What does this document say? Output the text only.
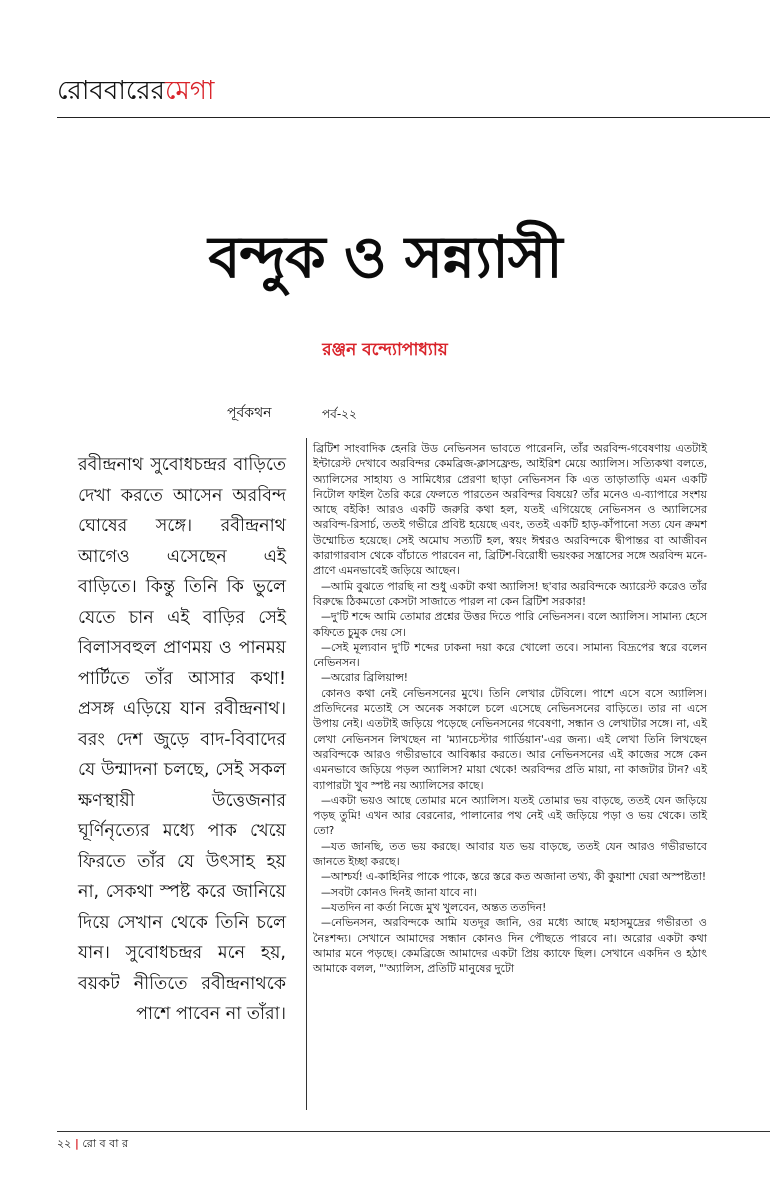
রোববারেরমেগা
বন্দুক ও সন্ন্যাসী
রঞ্জন বন্দ্যোপাধ্যায়
পূর্বকথন	পর্ব-২২
রবীন্দ্রনাথ সুবোধচন্দ্রর বাড়িতে দেখা করতে আসেন অরবিন্দ ঘোষের সঙ্গে। রবীন্দ্রনাথ আগেও এসেছেন এই বাড়িতে। কিন্তু তিনি কি ভুলে যেতে চান এই বাড়ির সেই বিলাসবহুল প্রাণময় ও পানময় পার্টিতে তাঁর আসার কথা! প্রসঙ্গ এড়িয়ে যান রবীন্দ্রনাথ। বরং দেশ জুড়ে বাদ-বিবাদের যে উন্মাদনা চলছে, সেই সকল ক্ষণস্থায়ী উত্তেজনার ঘূর্ণিনৃত্যের মধ্যে পাক খেয়ে ফিরতে তাঁর যে উৎসাহ হয় না, সেকথা স্পষ্ট করে জানিয়ে দিয়ে সেখান থেকে তিনি চলে যান। সুবোধচন্দ্রর মনে হয়, বয়কট নীতিতে রবীন্দ্রনাথকে পাশে পাবেন না তাঁরা।

ব্রিটিশ সাংবাদিক হেনরি উড নেভিনসন ভাবতে পারেননি, তাঁর অরবিন্দ-গবেষণায় এতটাই ইন্টারেস্ট দেখাবে অরবিন্দর কেমব্রিজ-ক্লাসফ্রেন্ড, আইরিশ মেয়ে অ্যালিস। সত্যিকথা বলতে, অ্যালিসের সাহায্য ও সামিধ্যের প্রেরণা ছাড়া নেভিনসন কি এত তাড়াতাড়ি এমন একটি নিটোল ফাইল তৈরি করে ফেলতে পারতেন অরবিন্দর বিষয়ে? তাঁর মনেও এ-ব্যাপারে সংশয় আছে বইকি! আরও একটি জরুরি কথা হল, যতই এগিয়েছে নেভিনসন ও অ্যালিসের অরবিন্দ-রিসার্চ, ততই গভীরে প্রবিষ্ট হয়েছে এবং, ততই একটি হাড়-কাঁপানো সত্য যেন ক্রমশ উম্মোচিত হয়েছে। সেই অমোঘ সত্যটি হল, স্বয়ং ঈশ্বরও অরবিন্দকে দ্বীপান্তর বা আজীবন কারাগারবাস থেকে বাঁচাতে পারবেন না, ব্রিটিশ-বিরোধী ভয়ংকর সন্ত্রাসের সঙ্গে অরবিন্দ মনে-প্রাণে এমনভাবেই জড়িয়ে আছেন।

—আমি বুঝতে পারছি না শুধু একটা কথা অ্যালিস! ছ'বার অরবিন্দকে অ্যারেস্ট করেও তাঁর বিরুদ্ধে ঠিকমতো কেসটা সাজাতে পারল না কেন ব্রিটিশ সরকার!

—দু'টি শব্দে আমি তোমার প্রশ্নের উত্তর দিতে পারি নেভিনসন। বলে অ্যালিস। সামান্য হেসে কফিতে চুমুক দেয় সে।

—সেই মূল্যবান দু'টি শব্দের ঢাকনা দয়া করে খোলো তবে। সামান্য বিদ্রূপের স্বরে বলেন নেভিনসন।

—অরোর ব্রিলিয়ান্স!

কোনও কথা নেই নেভিনসনের মুখে। তিনি লেখার টেবিলে। পাশে এসে বসে অ্যালিস। প্রতিদিনের মতোই সে অনেক সকালে চলে এসেছে নেভিনসনের বাড়িতে। তার না এসে উপায় নেই। এতটাই জড়িয়ে পড়েছে নেভিনসনের গবেষণা, সন্ধান ও লেখাটার সঙ্গে। না, এই লেখা নেভিনসন লিখছেন না 'ম্যানচেস্টার গার্ডিয়ান'-এর জন্য। এই লেখা তিনি লিখছেন অরবিন্দকে আরও গভীরভাবে আবিষ্কার করতে। আর নেভিনসনের এই কাজের সঙ্গে কেন এমনভাবে জড়িয়ে পড়ল অ্যালিস? মায়া থেকে! অরবিন্দর প্রতি মায়া, না কাজটার টান? এই ব্যাপারটা খুব স্পষ্ট নয় অ্যালিসের কাছে।

—একটা ভয়ও আছে তোমার মনে অ্যালিস। যতই তোমার ভয় বাড়ছে, ততই যেন জড়িয়ে পড়ছ তুমি! এখন আর বেরনোর, পালানোর পথ নেই এই জড়িয়ে পড়া ও ভয় থেকে। তাই তো?

—যত জানছি, তত ভয় করছে। আবার যত ভয় বাড়ছে, ততই যেন আরও গভীরভাবে জানতে ইচ্ছা করছে।

—আশ্চর্য! এ-কাহিনির পাকে পাকে, স্তরে স্তরে কত অজানা তথ্য, কী কুয়াশা ঘেরা অস্পষ্টতা!

—সবটা কোনও দিনই জানা যাবে না।

—যতদিন না কর্তা নিজে মুখ খুলবেন, অন্তত ততদিন!

—নেভিনসন, অরবিন্দকে আমি যতদূর জানি, ওর মধ্যে আছে মহাসমুদ্রের গভীরতা ও নৈঃশব্দ্য। সেখানে আমাদের সন্ধান কোনও দিন পৌছতে পারবে না। অরোর একটা কথা আমার মনে পড়ছে। কেমব্রিজে আমাদের একটা প্রিয় ক্যাফে ছিল। সেখানে একদিন ও হঠাৎ আমাকে বলল, "'অ্যালিস, প্রতিটি মানুষের দুটো

২২ | রো ব বা র
